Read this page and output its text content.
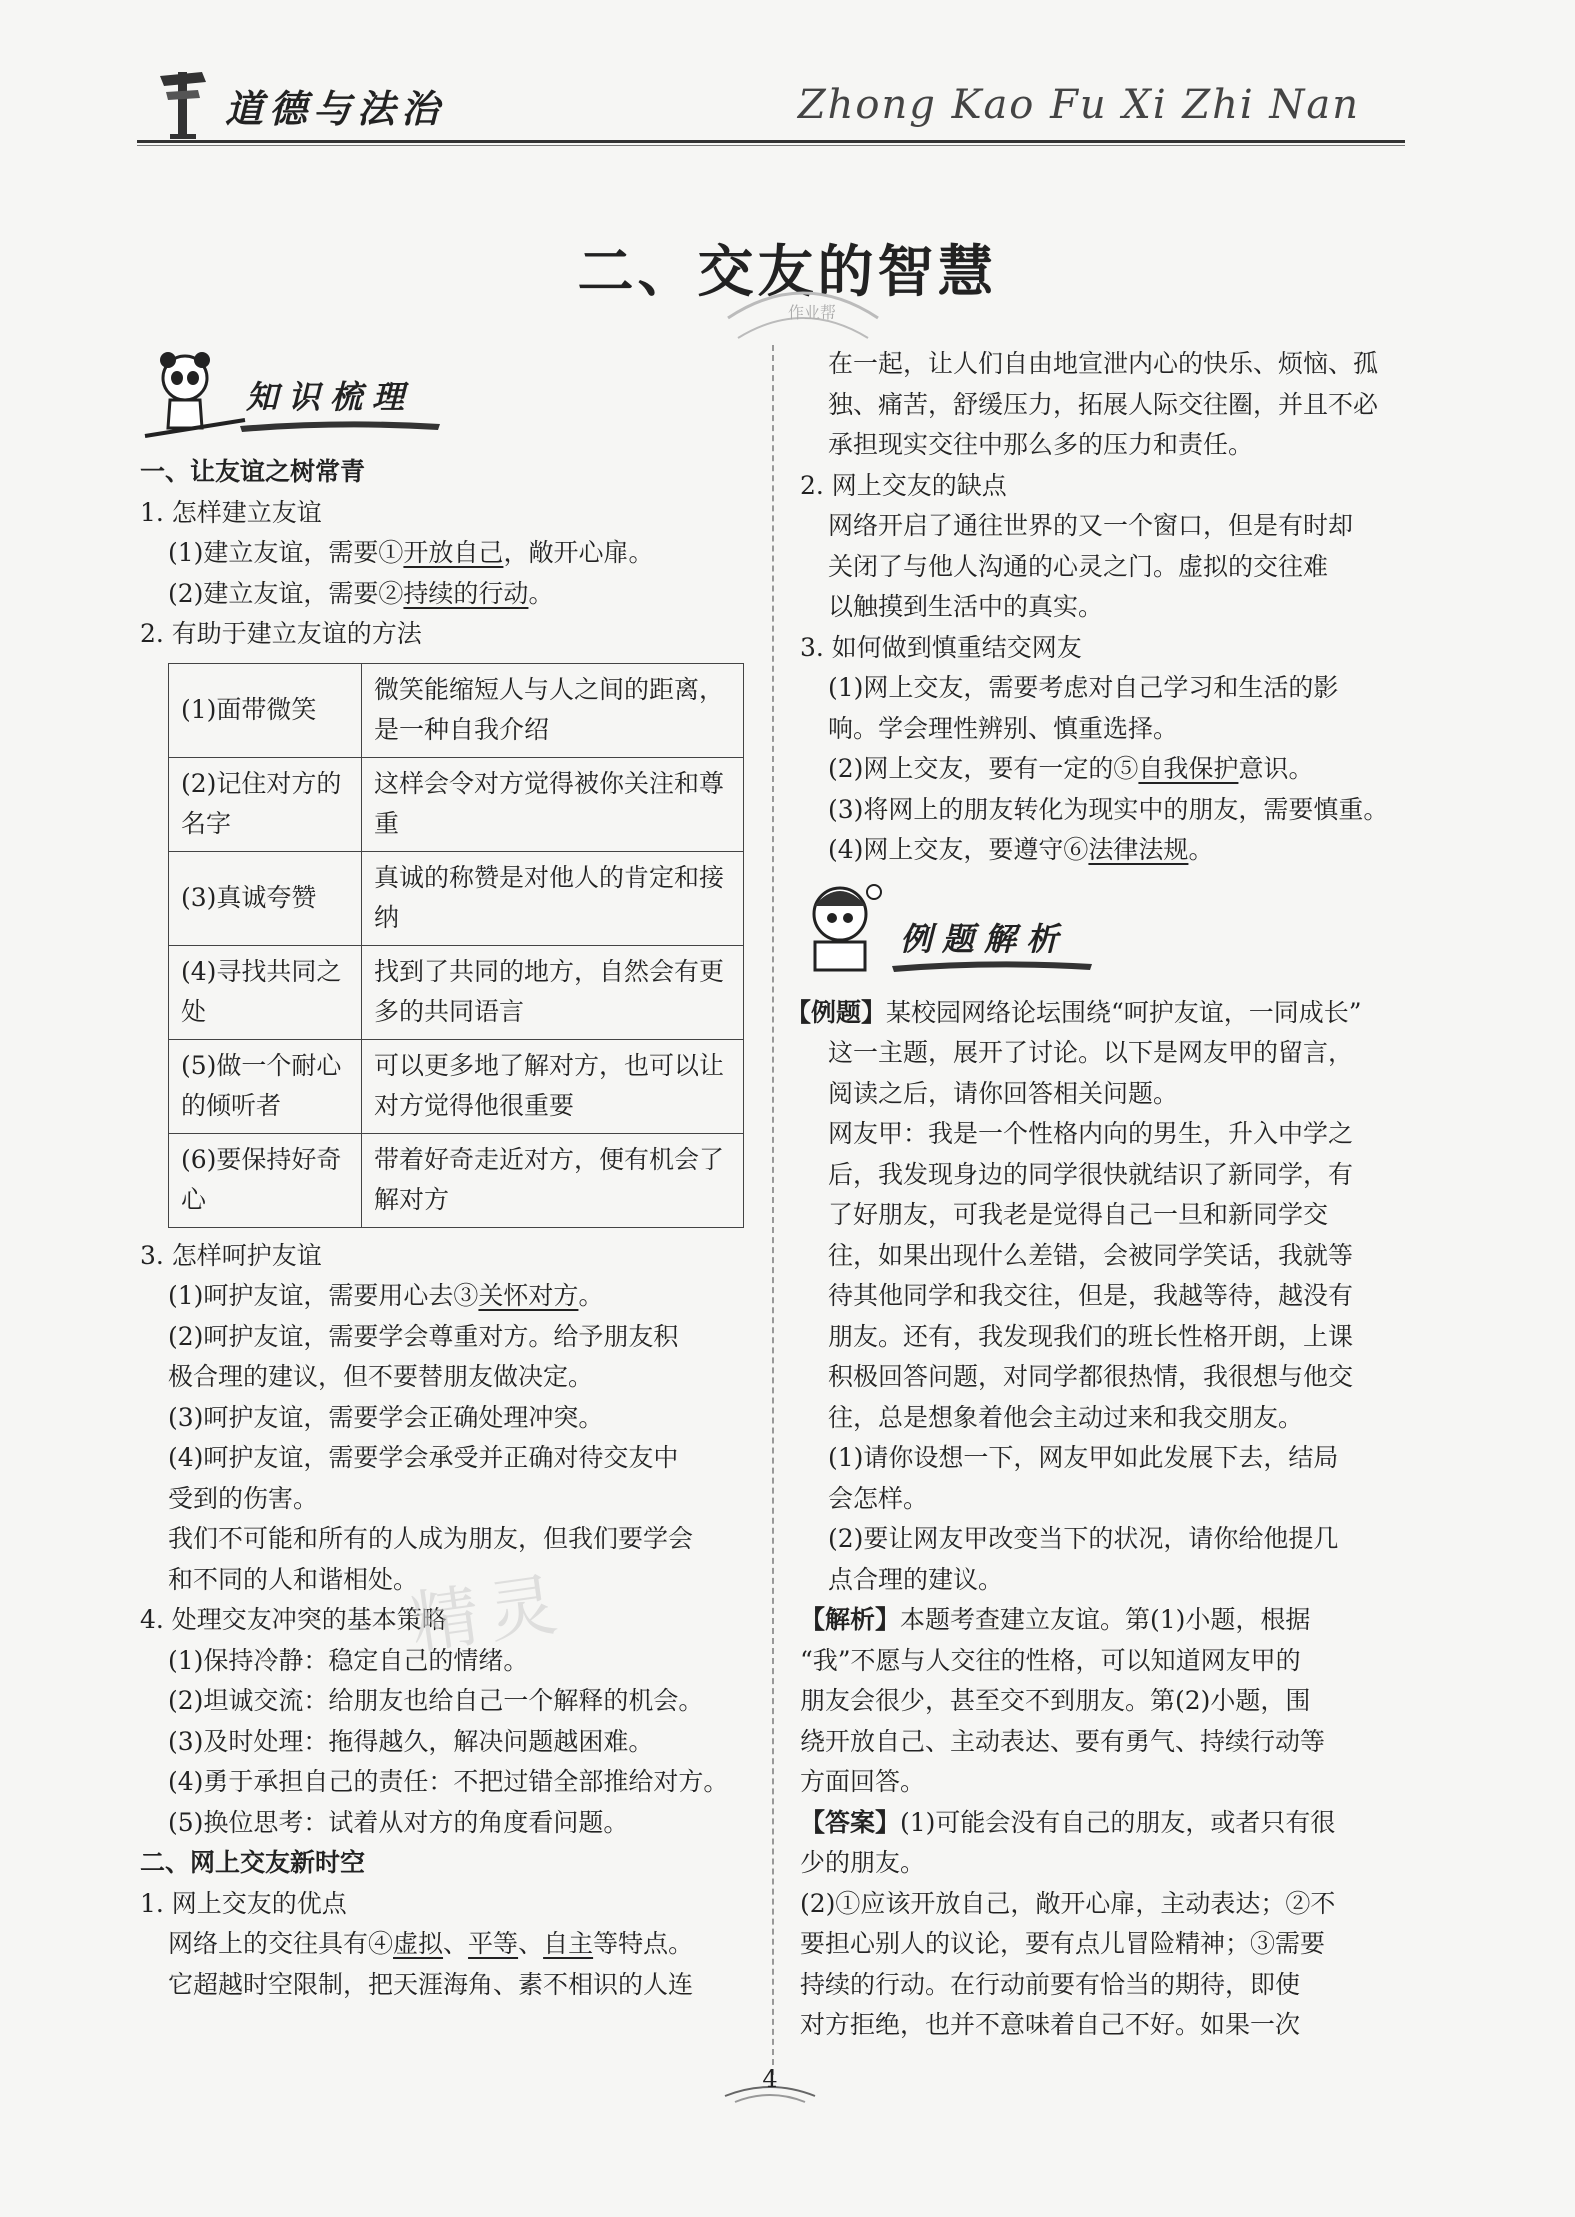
道德与法治	Zhong Kao Fu Xi Zhi Nan
二、交友的智慧
作业帮
知识梳理
例题解析
一、让友谊之树常青
1. 怎样建立友谊
(1)建立友谊，需要①开放自己，敞开心扉。
(2)建立友谊，需要②持续的行动。
2. 有助于建立友谊的方法
(1)面带微笑	微笑能缩短人与人之间的距离，是一种自我介绍
(2)记住对方的名字	这样会令对方觉得被你关注和尊重
(3)真诚夸赞	真诚的称赞是对他人的肯定和接纳
(4)寻找共同之处	找到了共同的地方，自然会有更多的共同语言
(5)做一个耐心的倾听者	可以更多地了解对方，也可以让对方觉得他很重要
(6)要保持好奇心	带着好奇走近对方，便有机会了解对方
3. 怎样呵护友谊
(1)呵护友谊，需要用心去③关怀对方。
(2)呵护友谊，需要学会尊重对方。给予朋友积
极合理的建议，但不要替朋友做决定。
(3)呵护友谊，需要学会正确处理冲突。
(4)呵护友谊，需要学会承受并正确对待交友中
受到的伤害。
我们不可能和所有的人成为朋友，但我们要学会
和不同的人和谐相处。
4. 处理交友冲突的基本策略
(1)保持冷静：稳定自己的情绪。
(2)坦诚交流：给朋友也给自己一个解释的机会。
(3)及时处理：拖得越久，解决问题越困难。
(4)勇于承担自己的责任：不把过错全部推给对方。
(5)换位思考：试着从对方的角度看问题。
二、网上交友新时空
1. 网上交友的优点
网络上的交往具有④虚拟、平等、自主等特点。
它超越时空限制，把天涯海角、素不相识的人连
在一起，让人们自由地宣泄内心的快乐、烦恼、孤
独、痛苦，舒缓压力，拓展人际交往圈，并且不必
承担现实交往中那么多的压力和责任。
2. 网上交友的缺点
网络开启了通往世界的又一个窗口，但是有时却
关闭了与他人沟通的心灵之门。虚拟的交往难
以触摸到生活中的真实。
3. 如何做到慎重结交网友
(1)网上交友，需要考虑对自己学习和生活的影
响。学会理性辨别、慎重选择。
(2)网上交友，要有一定的⑤自我保护意识。
(3)将网上的朋友转化为现实中的朋友，需要慎重。
(4)网上交友，要遵守⑥法律法规。
【例题】某校园网络论坛围绕“呵护友谊，一同成长”
这一主题，展开了讨论。以下是网友甲的留言，
阅读之后，请你回答相关问题。
网友甲：我是一个性格内向的男生，升入中学之
后，我发现身边的同学很快就结识了新同学，有
了好朋友，可我老是觉得自己一旦和新同学交
往，如果出现什么差错，会被同学笑话，我就等
待其他同学和我交往，但是，我越等待，越没有
朋友。还有，我发现我们的班长性格开朗，上课
积极回答问题，对同学都很热情，我很想与他交
往，总是想象着他会主动过来和我交朋友。
(1)请你设想一下，网友甲如此发展下去，结局
会怎样。
(2)要让网友甲改变当下的状况，请你给他提几
点合理的建议。
【解析】本题考查建立友谊。第(1)小题，根据
“我”不愿与人交往的性格，可以知道网友甲的
朋友会很少，甚至交不到朋友。第(2)小题，围
绕开放自己、主动表达、要有勇气、持续行动等
方面回答。
【答案】(1)可能会没有自己的朋友，或者只有很
少的朋友。
(2)①应该开放自己，敞开心扉，主动表达；②不
要担心别人的议论，要有点儿冒险精神；③需要
持续的行动。在行动前要有恰当的期待，即使
对方拒绝，也并不意味着自己不好。如果一次
精灵
4
